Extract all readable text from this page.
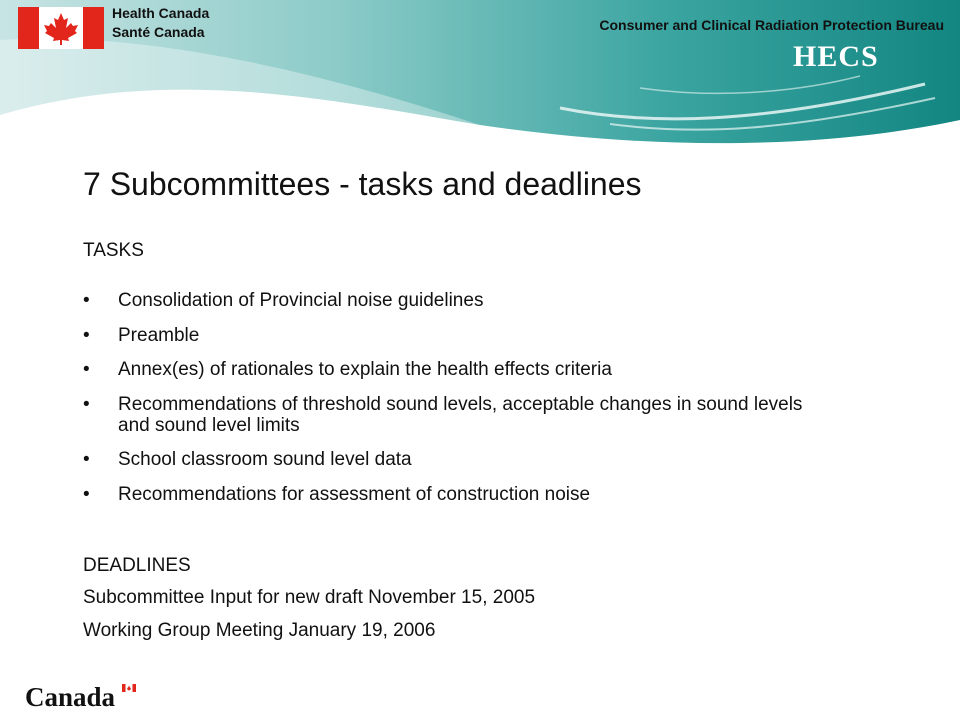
Health Canada
Santé Canada	Consumer and Clinical Radiation Protection Bureau
HECS
7 Subcommittees - tasks and deadlines
TASKS
• Consolidation of Provincial noise guidelines
• Preamble
• Annex(es) of rationales to explain the health effects criteria
• Recommendations of threshold sound levels, acceptable changes in sound levels and sound level limits
• School classroom sound level data
• Recommendations for assessment of construction noise
DEADLINES
Subcommittee Input for new draft November 15, 2005
Working Group Meeting January 19, 2006
Canada
